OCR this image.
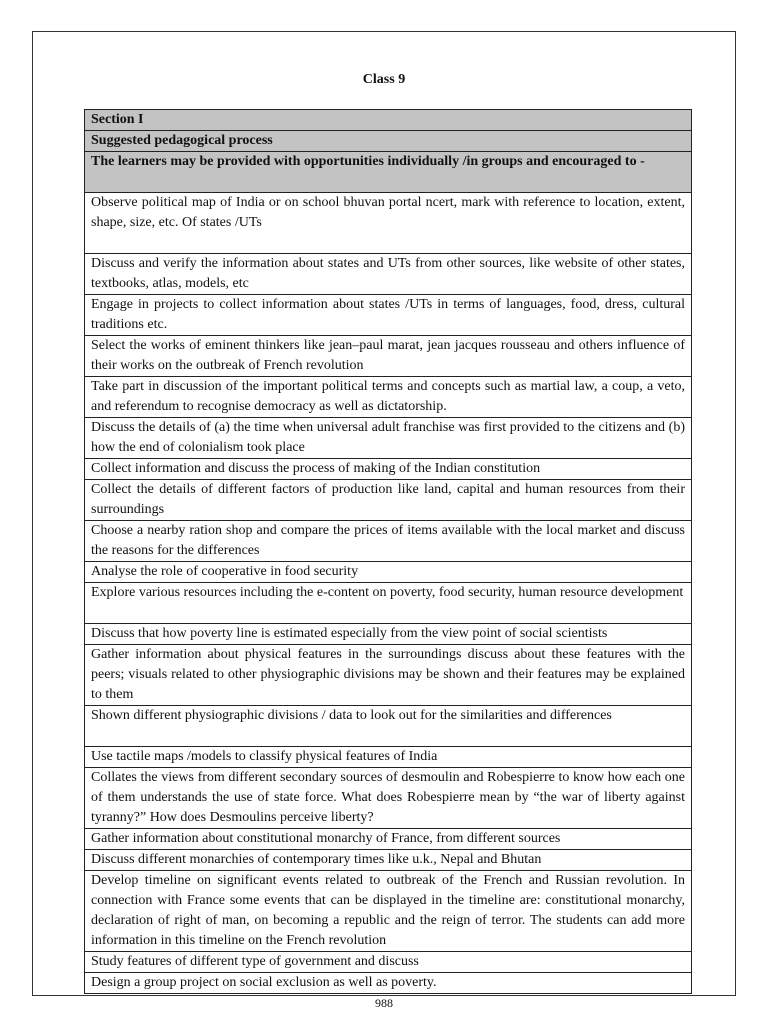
Class 9
Section I
Suggested pedagogical process
The learners may be provided with opportunities individually /in groups and encouraged to -
Observe political map of India or on school bhuvan portal ncert, mark with reference to location, extent, shape, size, etc. Of states /UTs
Discuss and verify the information about states and UTs from other sources, like website of other states, textbooks, atlas, models, etc
Engage in projects to collect information about states /UTs in terms of languages, food, dress, cultural traditions etc.
Select the works of eminent thinkers like jean–paul marat, jean jacques rousseau and others influence of their works on the outbreak of French revolution
Take part in discussion of the important political terms and concepts such as martial law, a coup, a veto, and referendum to recognise democracy as well as dictatorship.
Discuss the details of (a) the time when universal adult franchise was first provided to the citizens and (b) how the end of colonialism took place
Collect information and discuss the process of making of the Indian constitution
Collect the details of different factors of production like land, capital and human resources from their surroundings
Choose a nearby ration shop and compare the prices of items available with the local market and discuss the reasons for the differences
Analyse the role of cooperative in food security
Explore various resources including the e-content on poverty, food security, human resource development
Discuss that how poverty line is estimated especially from the view point of social scientists
Gather information about physical features in the surroundings discuss about these features with the peers; visuals related to other physiographic divisions may be shown and their features may be explained to them
Shown different physiographic divisions / data to look out for the similarities and differences
Use tactile maps /models to classify physical features of India
Collates the views from different secondary sources of desmoulin and Robespierre to know how each one of them understands the use of state force. What does Robespierre mean by “the war of liberty against tyranny?” How does Desmoulins perceive liberty?
Gather information about constitutional monarchy of France, from different sources
Discuss different monarchies of contemporary times like u.k., Nepal and Bhutan
Develop timeline on significant events related to outbreak of the French and Russian revolution. In connection with France some events that can be displayed in the timeline are: constitutional monarchy, declaration of right of man, on becoming a republic and the reign of terror. The students can add more information in this timeline on the French revolution
Study features of different type of government and discuss
Design a group project on social exclusion as well as poverty.
988
